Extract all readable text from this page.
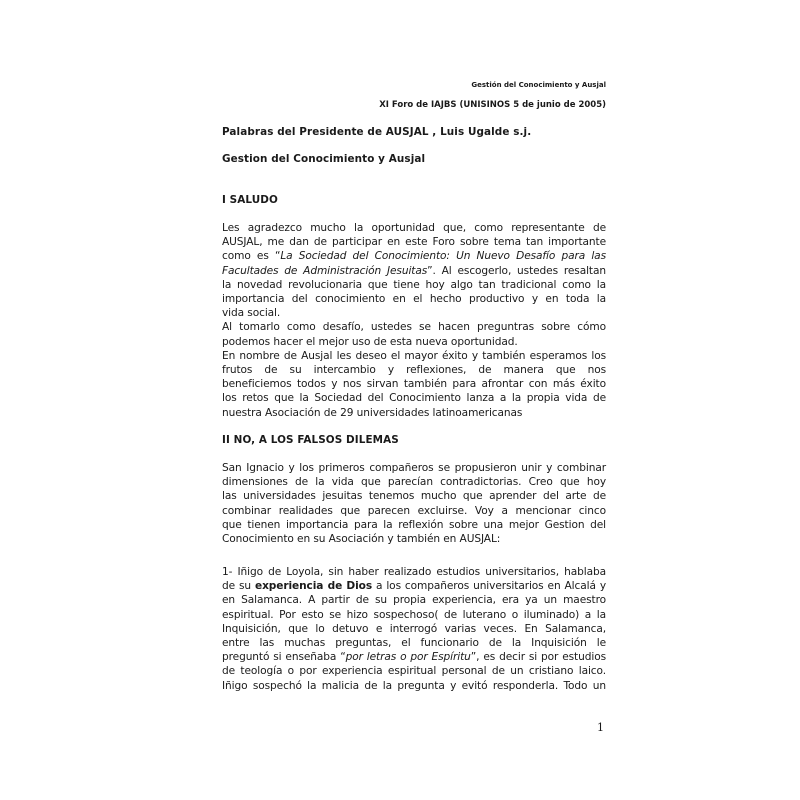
Gestión del Conocimiento y Ausjal
XI Foro de IAJBS (UNISINOS 5 de junio de 2005)
Palabras del Presidente de AUSJAL , Luis Ugalde s.j.
Gestion del Conocimiento y Ausjal
I SALUDO
Les agradezco mucho la oportunidad que, como representante de
AUSJAL, me dan de participar en este Foro sobre tema tan importante
como es “La Sociedad del Conocimiento: Un Nuevo Desafío para las
Facultades de Administración Jesuitas”. Al escogerlo, ustedes resaltan
la novedad revolucionaria que tiene hoy algo tan tradicional como la
importancia del conocimiento en el hecho productivo y en toda la
vida social.
Al tomarlo como desafío, ustedes se hacen preguntras sobre cómo
podemos hacer el mejor uso de esta nueva oportunidad.
En nombre de Ausjal les deseo el mayor éxito y también esperamos los
frutos de su intercambio y reflexiones, de manera que nos
beneficiemos todos y nos sirvan también para afrontar con más éxito
los retos que la Sociedad del Conocimiento lanza a la propia vida de
nuestra Asociación de 29 universidades latinoamericanas
II NO, A LOS FALSOS DILEMAS
San Ignacio y los primeros compañeros se propusieron unir y combinar
dimensiones de la vida que parecían contradictorias. Creo que hoy
las universidades jesuitas tenemos mucho que aprender del arte de
combinar realidades que parecen excluirse. Voy a mencionar cinco
que tienen importancia para la reflexión sobre una mejor Gestion del
Conocimiento en su Asociación y también en AUSJAL:
1- Iñigo de Loyola, sin haber realizado estudios universitarios, hablaba
de su experiencia de Dios a los compañeros universitarios en Alcalá y
en Salamanca. A partir de su propia experiencia, era ya un maestro
espiritual. Por esto se hizo sospechoso( de luterano o iluminado) a la
Inquisición, que lo detuvo e interrogó varias veces. En Salamanca,
entre las muchas preguntas, el funcionario de la Inquisición le
preguntó si enseñaba “por letras o por Espíritu”, es decir si por estudios
de teología o por experiencia espiritual personal de un cristiano laico.
Iñigo sospechó la malicia de la pregunta y evitó responderla. Todo un
1
